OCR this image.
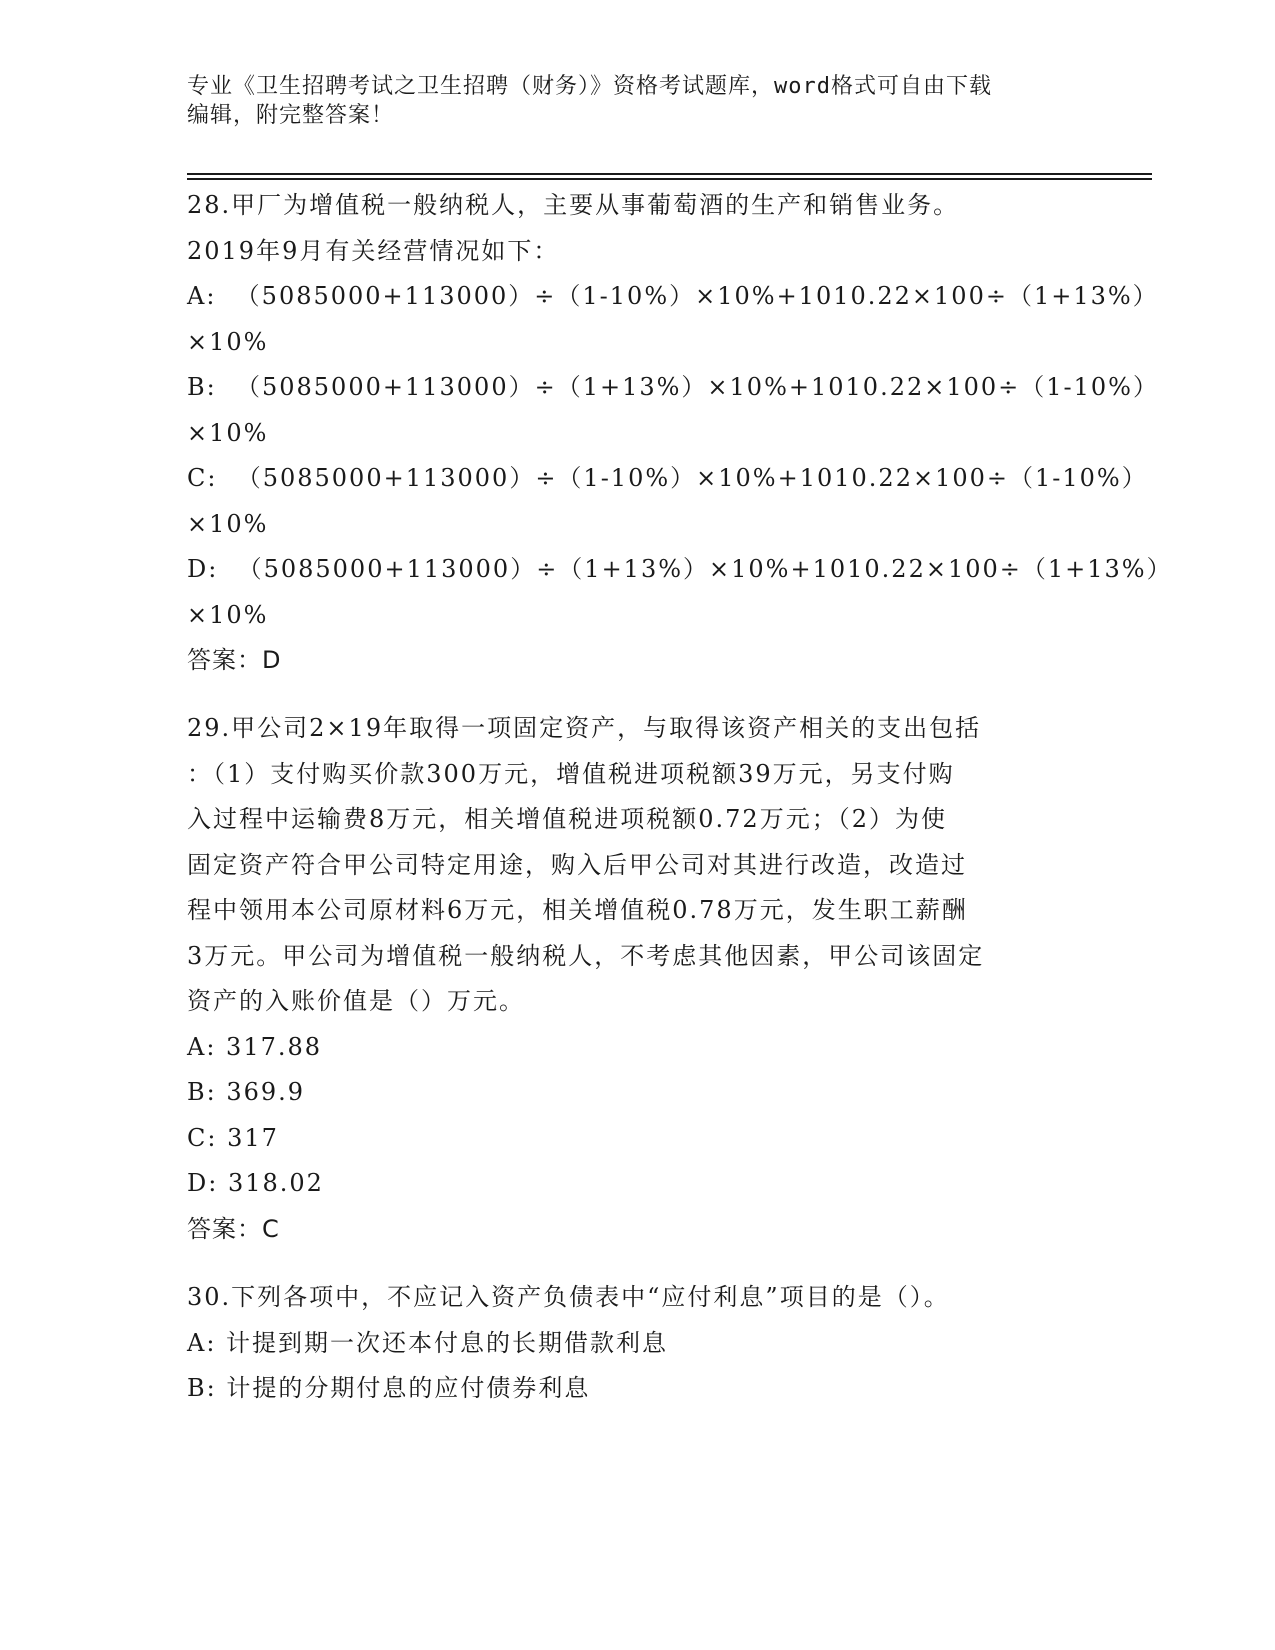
专业《卫生招聘考试之卫生招聘（财务）》资格考试题库，word格式可自由下载
编辑，附完整答案！
28.甲厂为增值税一般纳税人，主要从事葡萄酒的生产和销售业务。
2019年9月有关经营情况如下：
A:  （5085000+113000）÷（1-10%）×10%+1010.22×100÷（1+13%）
×10%
B:  （5085000+113000）÷（1+13%）×10%+1010.22×100÷（1-10%）
×10%
C:  （5085000+113000）÷（1-10%）×10%+1010.22×100÷（1-10%）
×10%
D:  （5085000+113000）÷（1+13%）×10%+1010.22×100÷（1+13%）
×10%
答案：D
29.甲公司2×19年取得一项固定资产，与取得该资产相关的支出包括
：（1）支付购买价款300万元，增值税进项税额39万元，另支付购
入过程中运输费8万元，相关增值税进项税额0.72万元；（2）为使
固定资产符合甲公司特定用途，购入后甲公司对其进行改造，改造过
程中领用本公司原材料6万元，相关增值税0.78万元，发生职工薪酬
3万元。甲公司为增值税一般纳税人，不考虑其他因素，甲公司该固定
资产的入账价值是（）万元。
A: 317.88
B: 369.9
C: 317
D: 318.02
答案：C
30.下列各项中，不应记入资产负债表中“应付利息”项目的是（）。
A: 计提到期一次还本付息的长期借款利息
B: 计提的分期付息的应付债券利息
